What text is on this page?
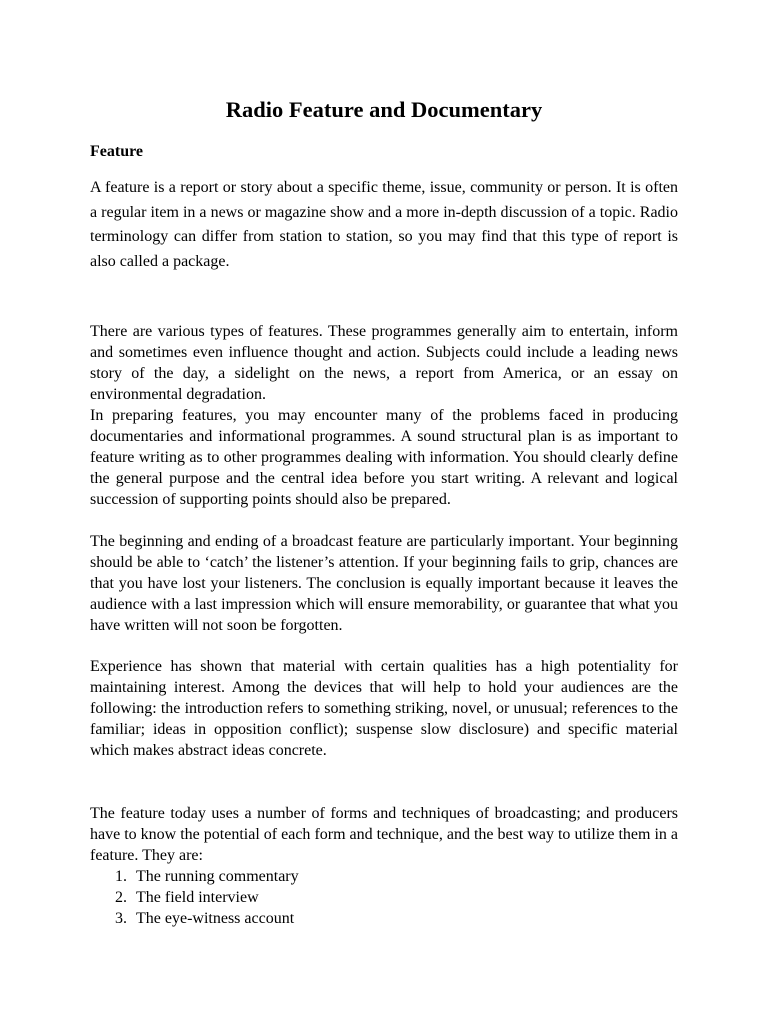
Radio Feature and Documentary
Feature

A feature is a report or story about a specific theme, issue, community or person. It is often a regular item in a news or magazine show and a more in-depth discussion of a topic. Radio terminology can differ from station to station, so you may find that this type of report is also called a package.

There are various types of features. These programmes generally aim to entertain, inform and sometimes even influence thought and action. Subjects could include a leading news story of the day, a sidelight on the news, a report from America, or an essay on environmental degradation.

In preparing features, you may encounter many of the problems faced in producing documentaries and informational programmes. A sound structural plan is as important to feature writing as to other programmes dealing with information. You should clearly define the general purpose and the central idea before you start writing. A relevant and logical succession of supporting points should also be prepared.

The beginning and ending of a broadcast feature are particularly important. Your beginning should be able to ‘catch’ the listener’s attention. If your beginning fails to grip, chances are that you have lost your listeners. The conclusion is equally important because it leaves the audience with a last impression which will ensure memorability, or guarantee that what you have written will not soon be forgotten.

Experience has shown that material with certain qualities has a high potentiality for maintaining interest. Among the devices that will help to hold your audiences are the following: the introduction refers to something striking, novel, or unusual; references to the familiar; ideas in opposition conflict); suspense slow disclosure) and specific material which makes abstract ideas concrete.

The feature today uses a number of forms and techniques of broadcasting; and producers have to know the potential of each form and technique, and the best way to utilize them in a feature. They are:

1. The running commentary
2. The field interview
3. The eye-witness account
